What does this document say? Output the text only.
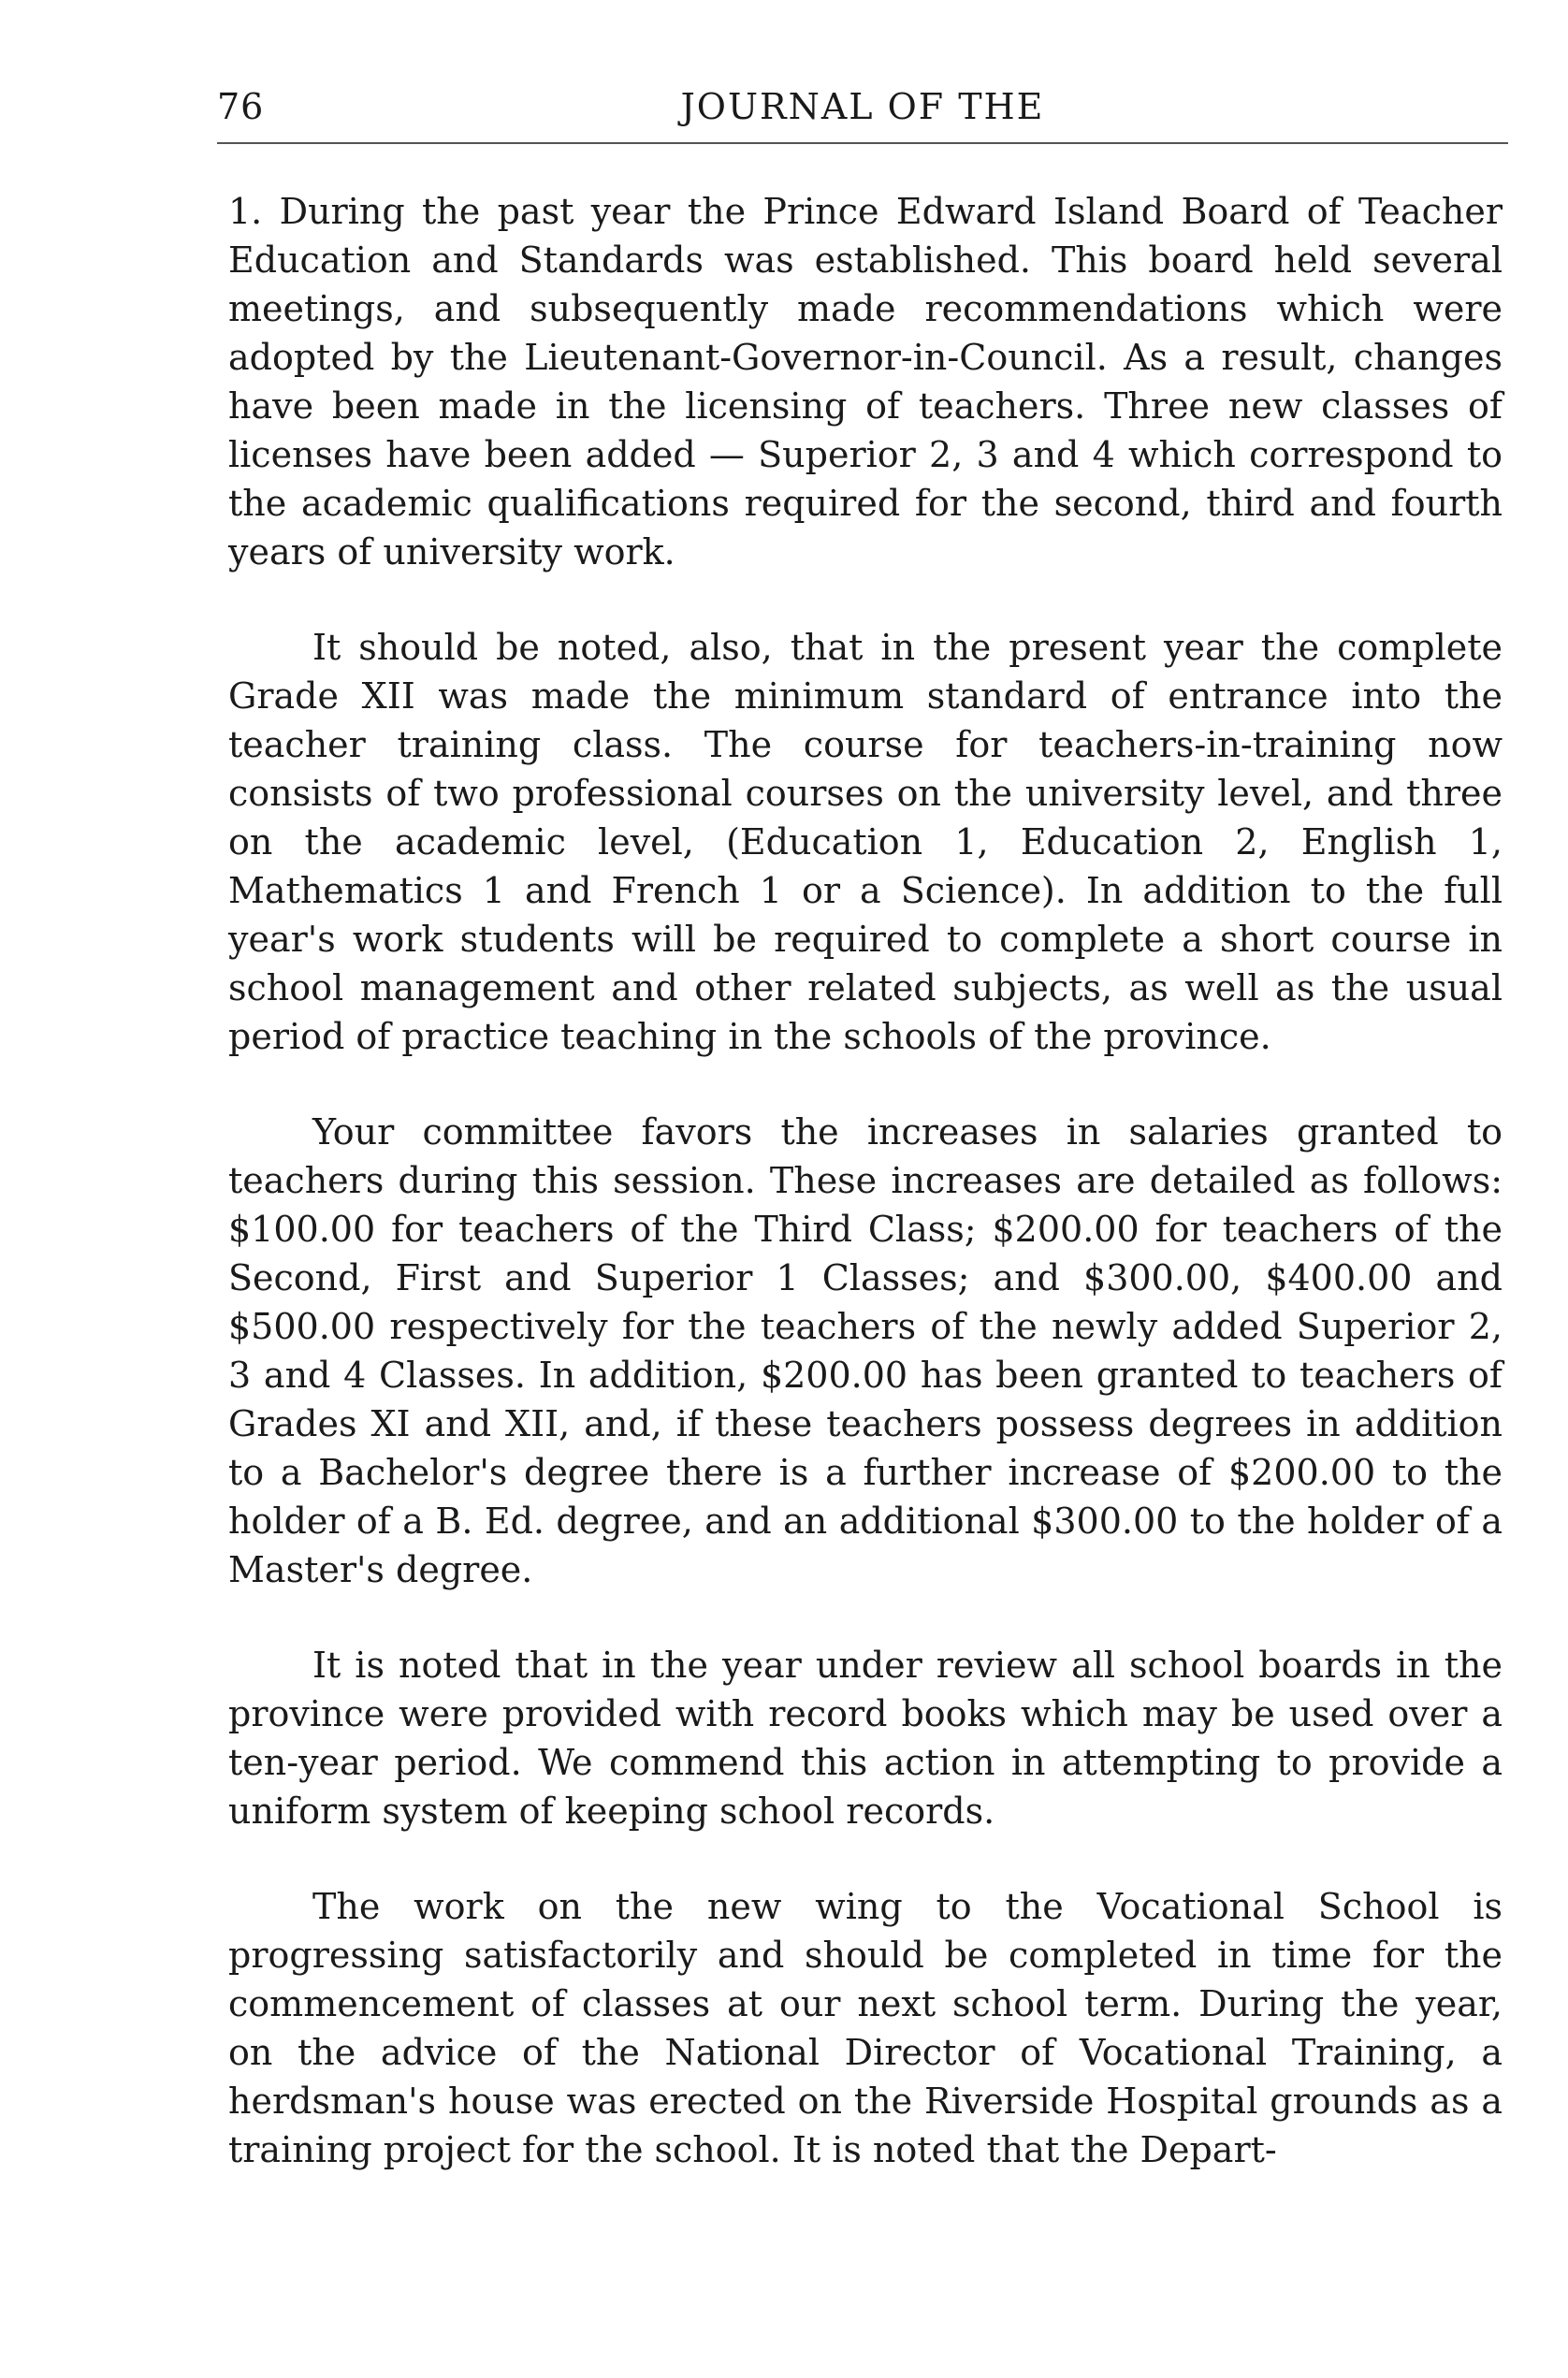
76	JOURNAL OF THE

1. During the past year the Prince Edward Island Board of Teacher Education and Standards was established. This board held several meetings, and subsequently made recommendations which were adopted by the Lieutenant-Governor-in-Council. As a result, changes have been made in the licensing of teachers. Three new classes of licenses have been added — Superior 2, 3 and 4 which correspond to the academic qualifications required for the second, third and fourth years of university work.

It should be noted, also, that in the present year the complete Grade XII was made the minimum standard of entrance into the teacher training class. The course for teachers-in-training now consists of two professional courses on the university level, and three on the academic level, (Education 1, Education 2, English 1, Mathematics 1 and French 1 or a Science). In addition to the full year's work students will be required to complete a short course in school management and other related subjects, as well as the usual period of practice teaching in the schools of the province.

Your committee favors the increases in salaries granted to teachers during this session. These increases are detailed as follows: $100.00 for teachers of the Third Class; $200.00 for teachers of the Second, First and Superior 1 Classes; and $300.00, $400.00 and $500.00 respectively for the teachers of the newly added Superior 2, 3 and 4 Classes. In addition, $200.00 has been granted to teachers of Grades XI and XII, and, if these teachers possess degrees in addition to a Bachelor's degree there is a further increase of $200.00 to the holder of a B. Ed. degree, and an additional $300.00 to the holder of a Master's degree.

It is noted that in the year under review all school boards in the province were provided with record books which may be used over a ten-year period. We commend this action in attempting to provide a uniform system of keeping school records.

The work on the new wing to the Vocational School is progressing satisfactorily and should be completed in time for the commencement of classes at our next school term. During the year, on the advice of the National Director of Vocational Training, a herdsman's house was erected on the Riverside Hospital grounds as a training project for the school. It is noted that the Depart-
